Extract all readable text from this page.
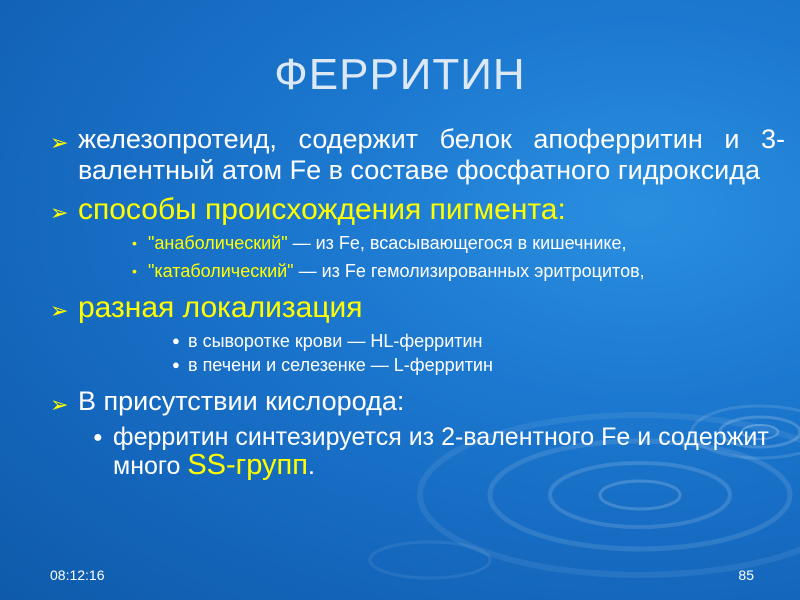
ФЕРРИТИН
➢ железопротеид, содержит белок апоферритин и 3-валентный атом Fe в составе фосфатного гидроксида
➢ способы происхождения пигмента:
• "анаболический" — из Fe, всасывающегося в кишечнике,
• "катаболический" — из Fe гемолизированных эритроцитов,
➢ разная локализация
● в сыворотке крови — HL-ферритин
● в печени и селезенке — L-ферритин
➢ В присутствии кислорода:
● ферритин синтезируется из 2-валентного Fe и содержит много SS-групп.
08:12:16	85
